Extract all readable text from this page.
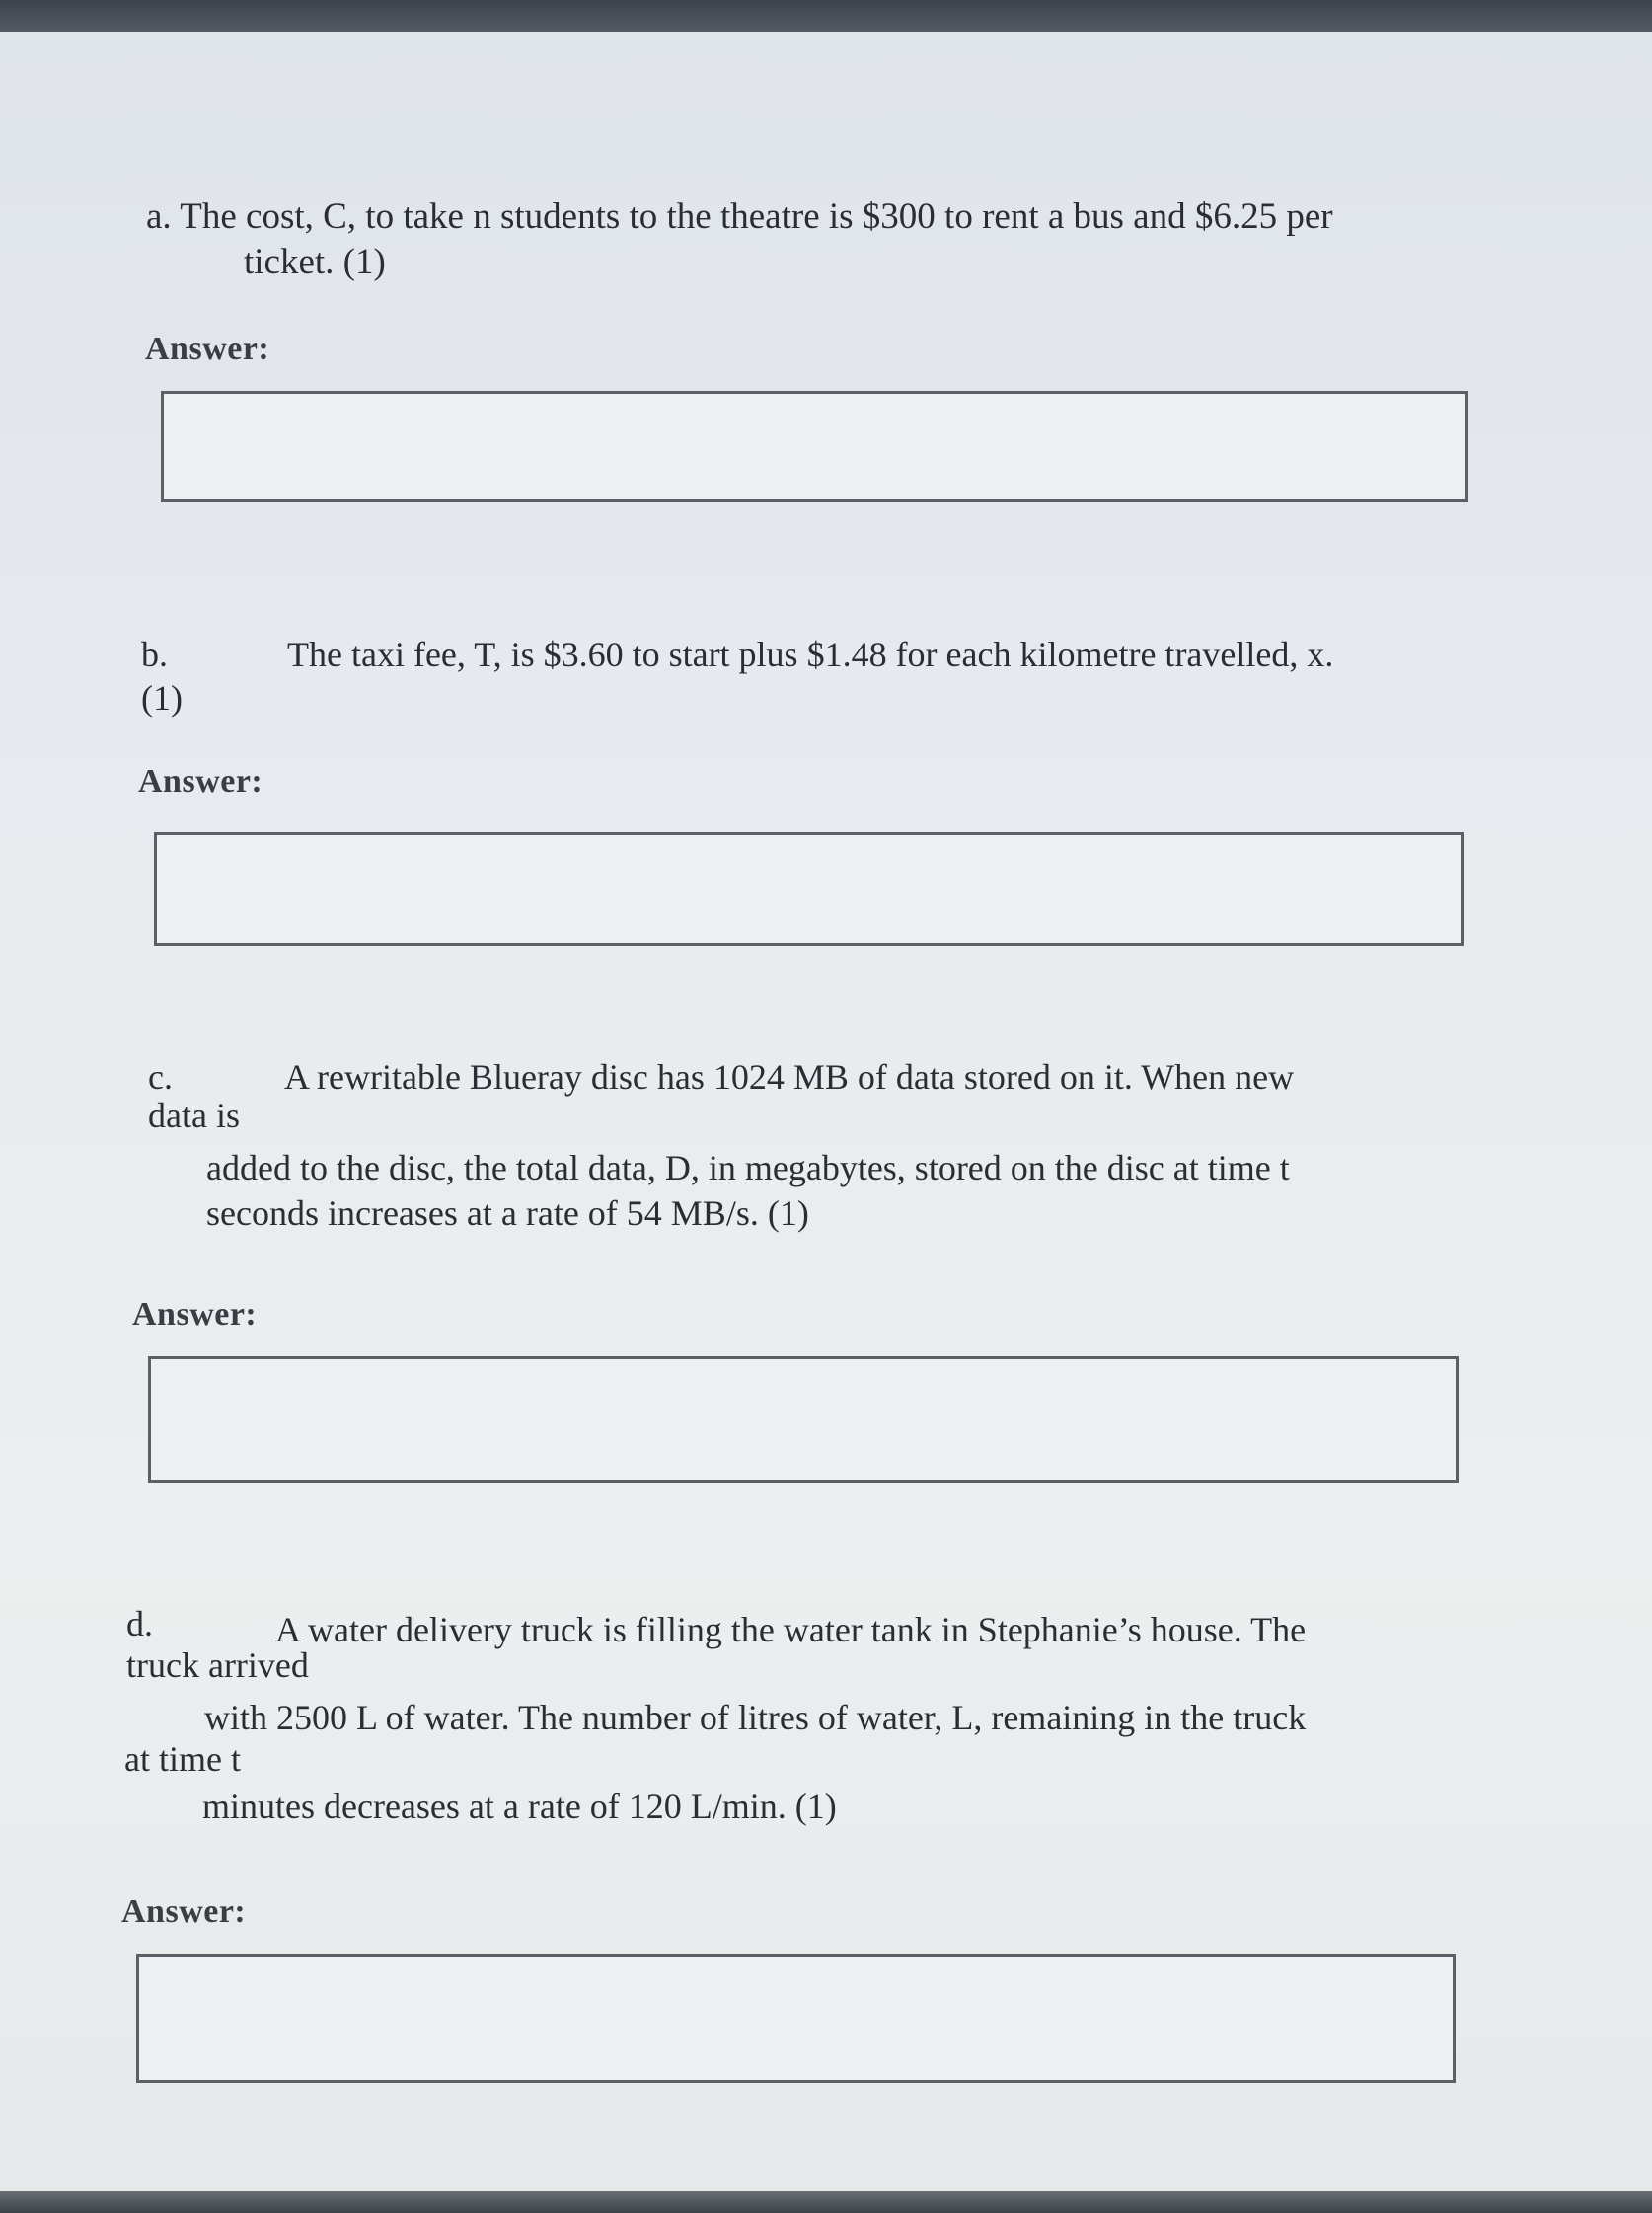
a. The cost, C, to take n students to the theatre is $300 to rent a bus and $6.25 per
ticket. (1)
Answer:
b.	The taxi fee, T, is $3.60 to start plus $1.48 for each kilometre travelled, x.
(1)
Answer:
c.	A rewritable Blueray disc has 1024 MB of data stored on it. When new
data is
added to the disc, the total data, D, in megabytes, stored on the disc at time t
seconds increases at a rate of 54 MB/s. (1)
Answer:
d.	A water delivery truck is filling the water tank in Stephanie’s house. The
truck arrived
with 2500 L of water. The number of litres of water, L, remaining in the truck
at time t
minutes decreases at a rate of 120 L/min. (1)
Answer:
